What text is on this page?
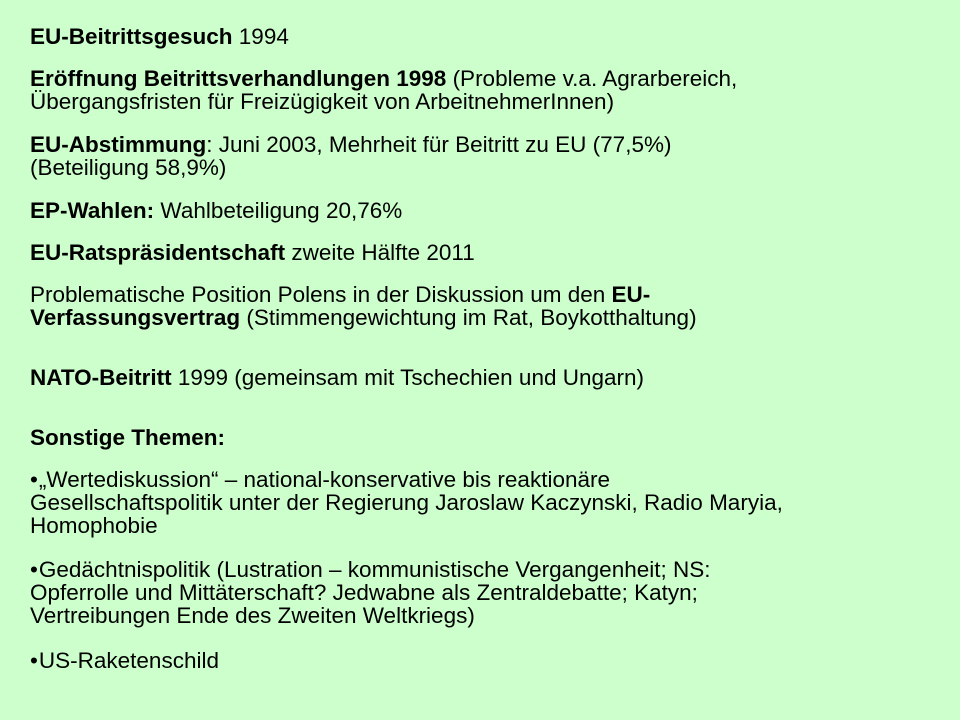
EU-Beitrittsgesuch 1994
Eröffnung Beitrittsverhandlungen 1998 (Probleme v.a. Agrarbereich,
Übergangsfristen für Freizügigkeit von ArbeitnehmerInnen)
EU-Abstimmung: Juni 2003, Mehrheit für Beitritt zu EU (77,5%)
(Beteiligung 58,9%)
EP-Wahlen: Wahlbeteiligung 20,76%
EU-Ratspräsidentschaft zweite Hälfte 2011
Problematische Position Polens in der Diskussion um den EU-
Verfassungsvertrag (Stimmengewichtung im Rat, Boykotthaltung)
NATO-Beitritt 1999 (gemeinsam mit Tschechien und Ungarn)
Sonstige Themen:
•„Wertediskussion“ – national-konservative bis reaktionäre
Gesellschaftspolitik unter der Regierung Jaroslaw Kaczynski, Radio Maryia,
Homophobie
•Gedächtnispolitik (Lustration – kommunistische Vergangenheit; NS:
Opferrolle und Mittäterschaft? Jedwabne als Zentraldebatte; Katyn;
Vertreibungen Ende des Zweiten Weltkriegs)
•US-Raketenschild
